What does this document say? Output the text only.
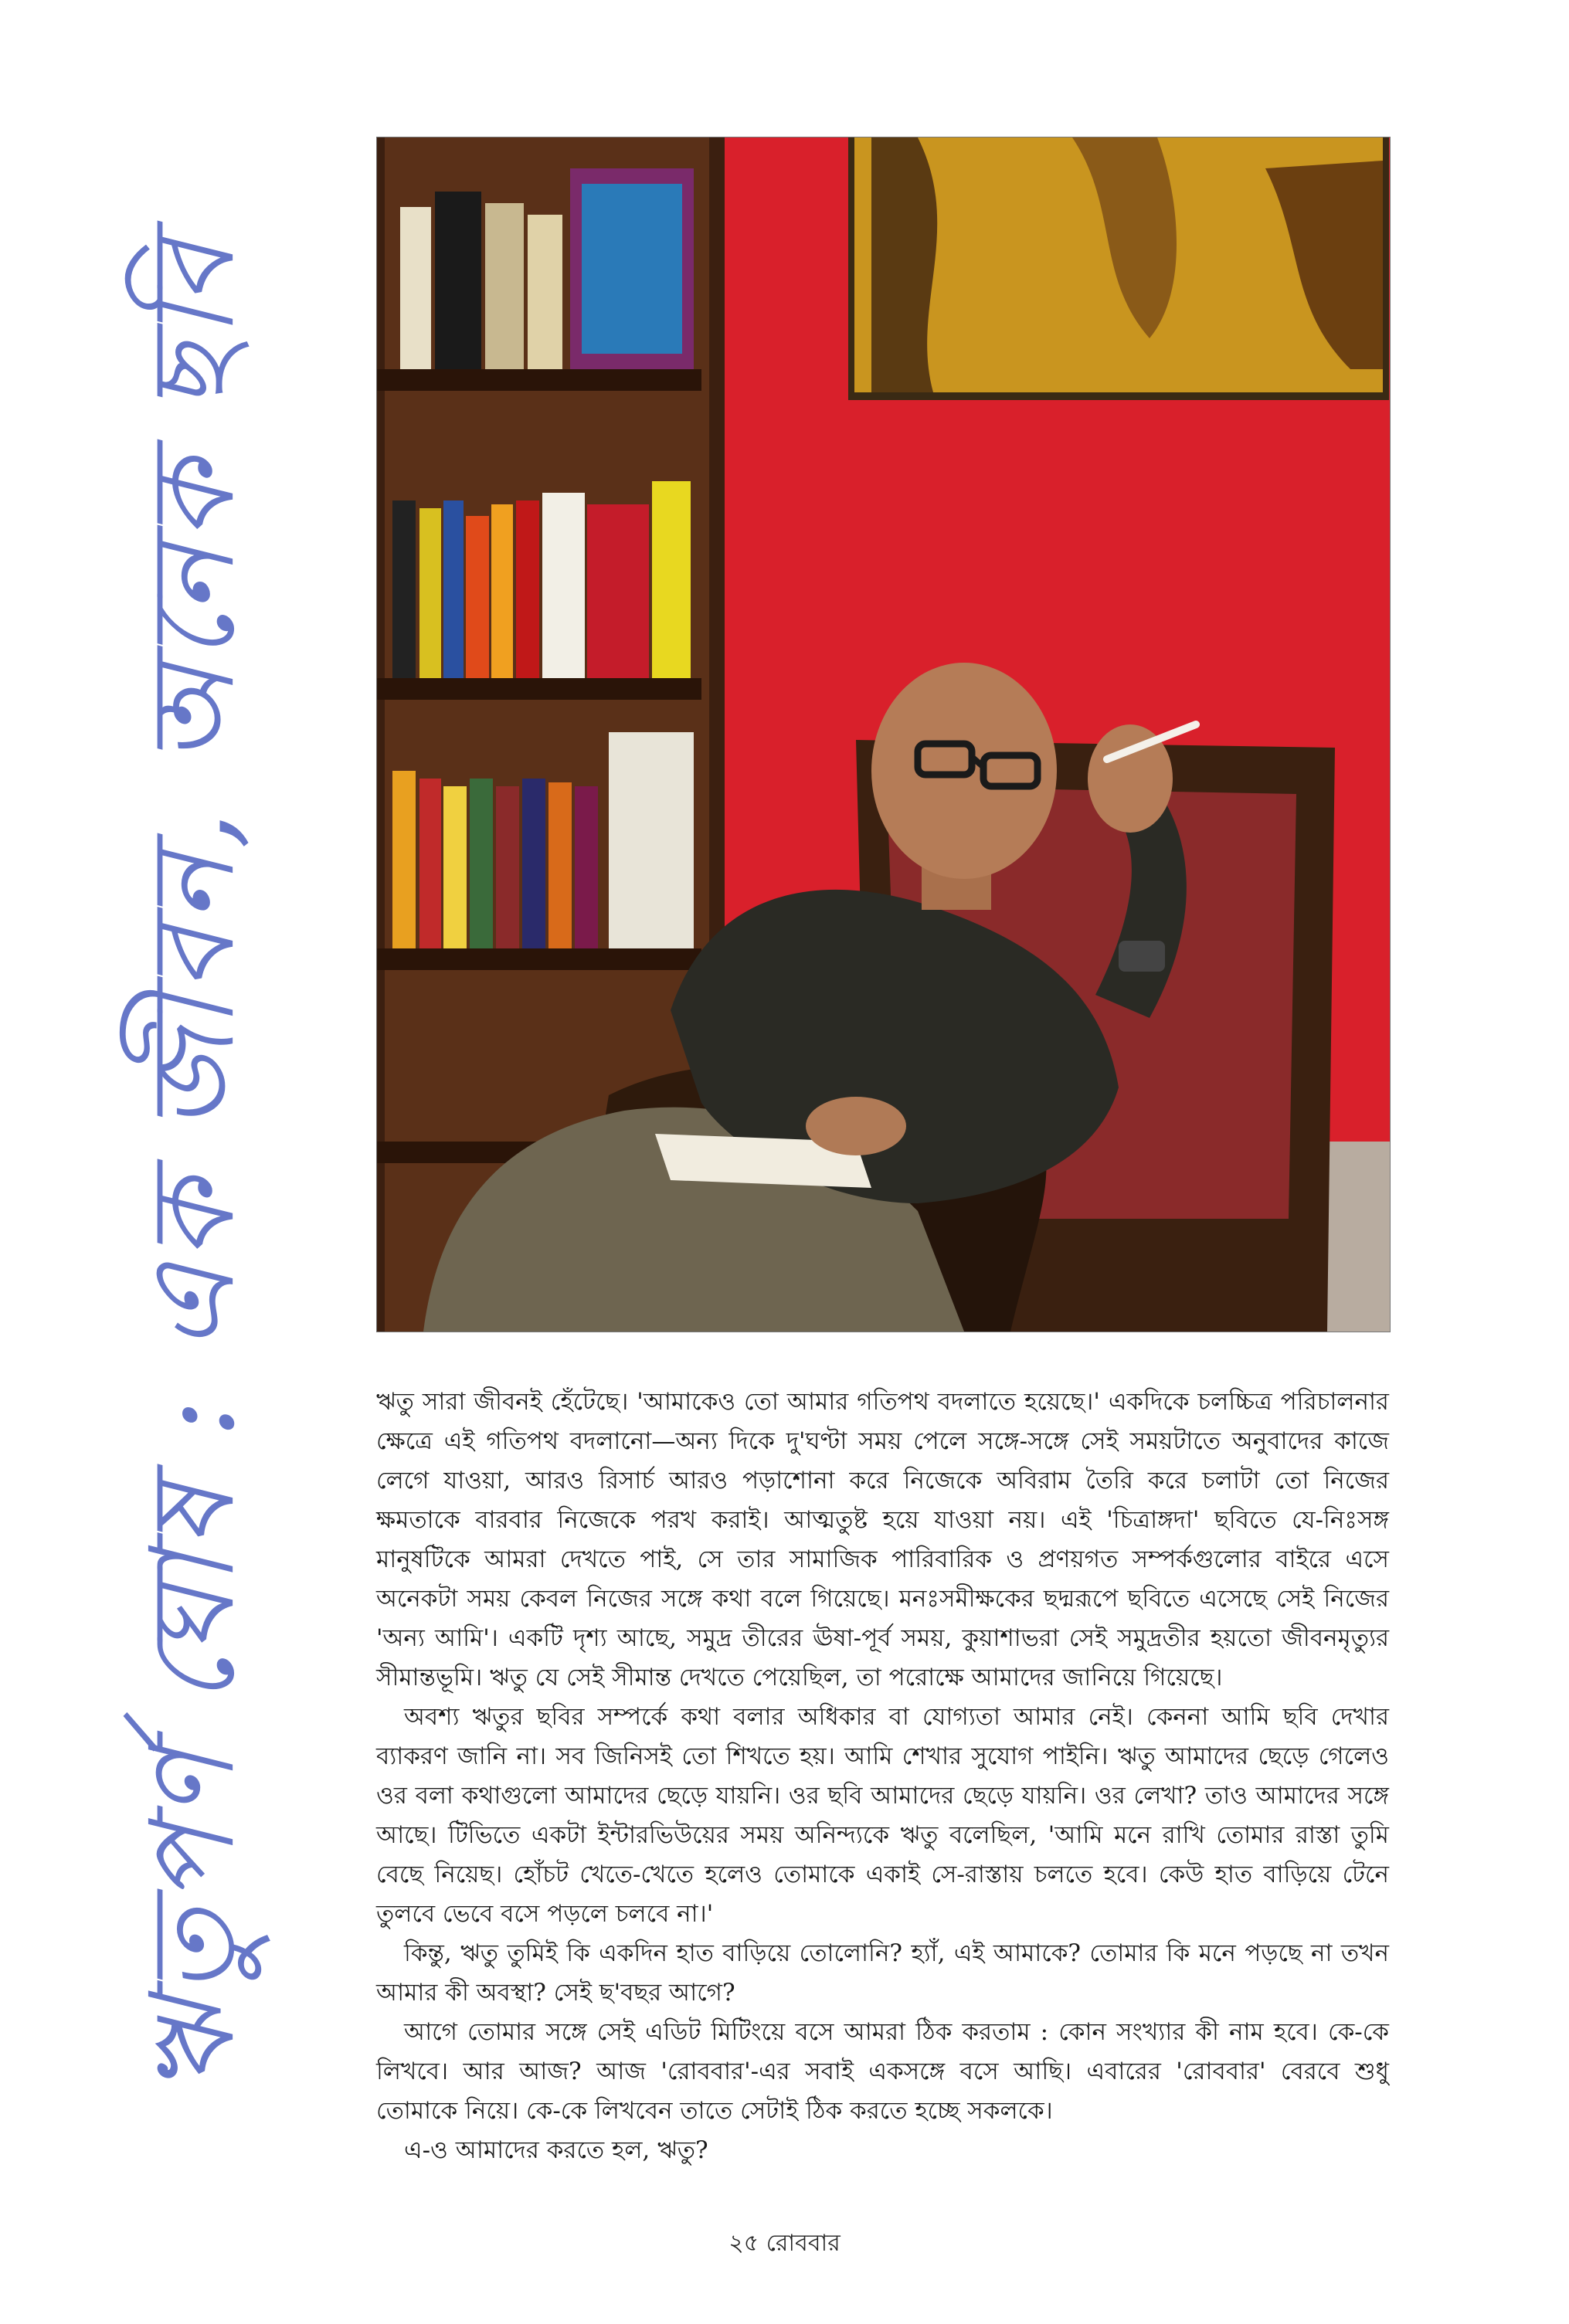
ঋতুপর্ণ ঘোষ : এক জীবন, অনেক ছবি	ঋতু সারা জীবনই হেঁটেছে। 'আমাকেও তো আমার গতিপথ বদলাতে হয়েছে।' একদিকে চলচ্চিত্র পরিচালনার ক্ষেত্রে এই গতিপথ বদলানো—অন্য দিকে দু'ঘণ্টা সময় পেলে সঙ্গে-সঙ্গে সেই সময়টাতে অনুবাদের কাজে লেগে যাওয়া, আরও রিসার্চ আরও পড়াশোনা করে নিজেকে অবিরাম তৈরি করে চলাটা তো নিজের ক্ষমতাকে বারবার নিজেকে পরখ করাই। আত্মতুষ্ট হয়ে যাওয়া নয়। এই 'চিত্রাঙ্গদা' ছবিতে যে-নিঃসঙ্গ মানুষটিকে আমরা দেখতে পাই, সে তার সামাজিক পারিবারিক ও প্রণয়গত সম্পর্কগুলোর বাইরে এসে অনেকটা সময় কেবল নিজের সঙ্গে কথা বলে গিয়েছে। মনঃসমীক্ষকের ছদ্মরূপে ছবিতে এসেছে সেই নিজের 'অন্য আমি'। একটি দৃশ্য আছে, সমুদ্র তীরের ঊষা-পূর্ব সময়, কুয়াশাভরা সেই সমুদ্রতীর হয়তো জীবনমৃত্যুর সীমান্তভূমি। ঋতু যে সেই সীমান্ত দেখতে পেয়েছিল, তা পরোক্ষে আমাদের জানিয়ে গিয়েছে।

অবশ্য ঋতুর ছবির সম্পর্কে কথা বলার অধিকার বা যোগ্যতা আমার নেই। কেননা আমি ছবি দেখার ব্যাকরণ জানি না। সব জিনিসই তো শিখতে হয়। আমি শেখার সুযোগ পাইনি। ঋতু আমাদের ছেড়ে গেলেও ওর বলা কথাগুলো আমাদের ছেড়ে যায়নি। ওর ছবি আমাদের ছেড়ে যায়নি। ওর লেখা? তাও আমাদের সঙ্গে আছে। টিভিতে একটা ইন্টারভিউয়ের সময় অনিন্দ্যকে ঋতু বলেছিল, 'আমি মনে রাখি তোমার রাস্তা তুমি বেছে নিয়েছ। হোঁচট খেতে-খেতে হলেও তোমাকে একাই সে-রাস্তায় চলতে হবে। কেউ হাত বাড়িয়ে টেনে তুলবে ভেবে বসে পড়লে চলবে না।'

কিন্তু, ঋতু তুমিই কি একদিন হাত বাড়িয়ে তোলোনি? হ্যাঁ, এই আমাকে? তোমার কি মনে পড়ছে না তখন আমার কী অবস্থা? সেই ছ'বছর আগে?

আগে তোমার সঙ্গে সেই এডিট মিটিংয়ে বসে আমরা ঠিক করতাম : কোন সংখ্যার কী নাম হবে। কে-কে লিখবে। আর আজ? আজ 'রোববার'-এর সবাই একসঙ্গে বসে আছি। এবারের 'রোববার' বেরবে শুধু তোমাকে নিয়ে। কে-কে লিখবেন তাতে সেটাই ঠিক করতে হচ্ছে সকলকে।

এ-ও আমাদের করতে হল, ঋতু?

২৫ রোববার
